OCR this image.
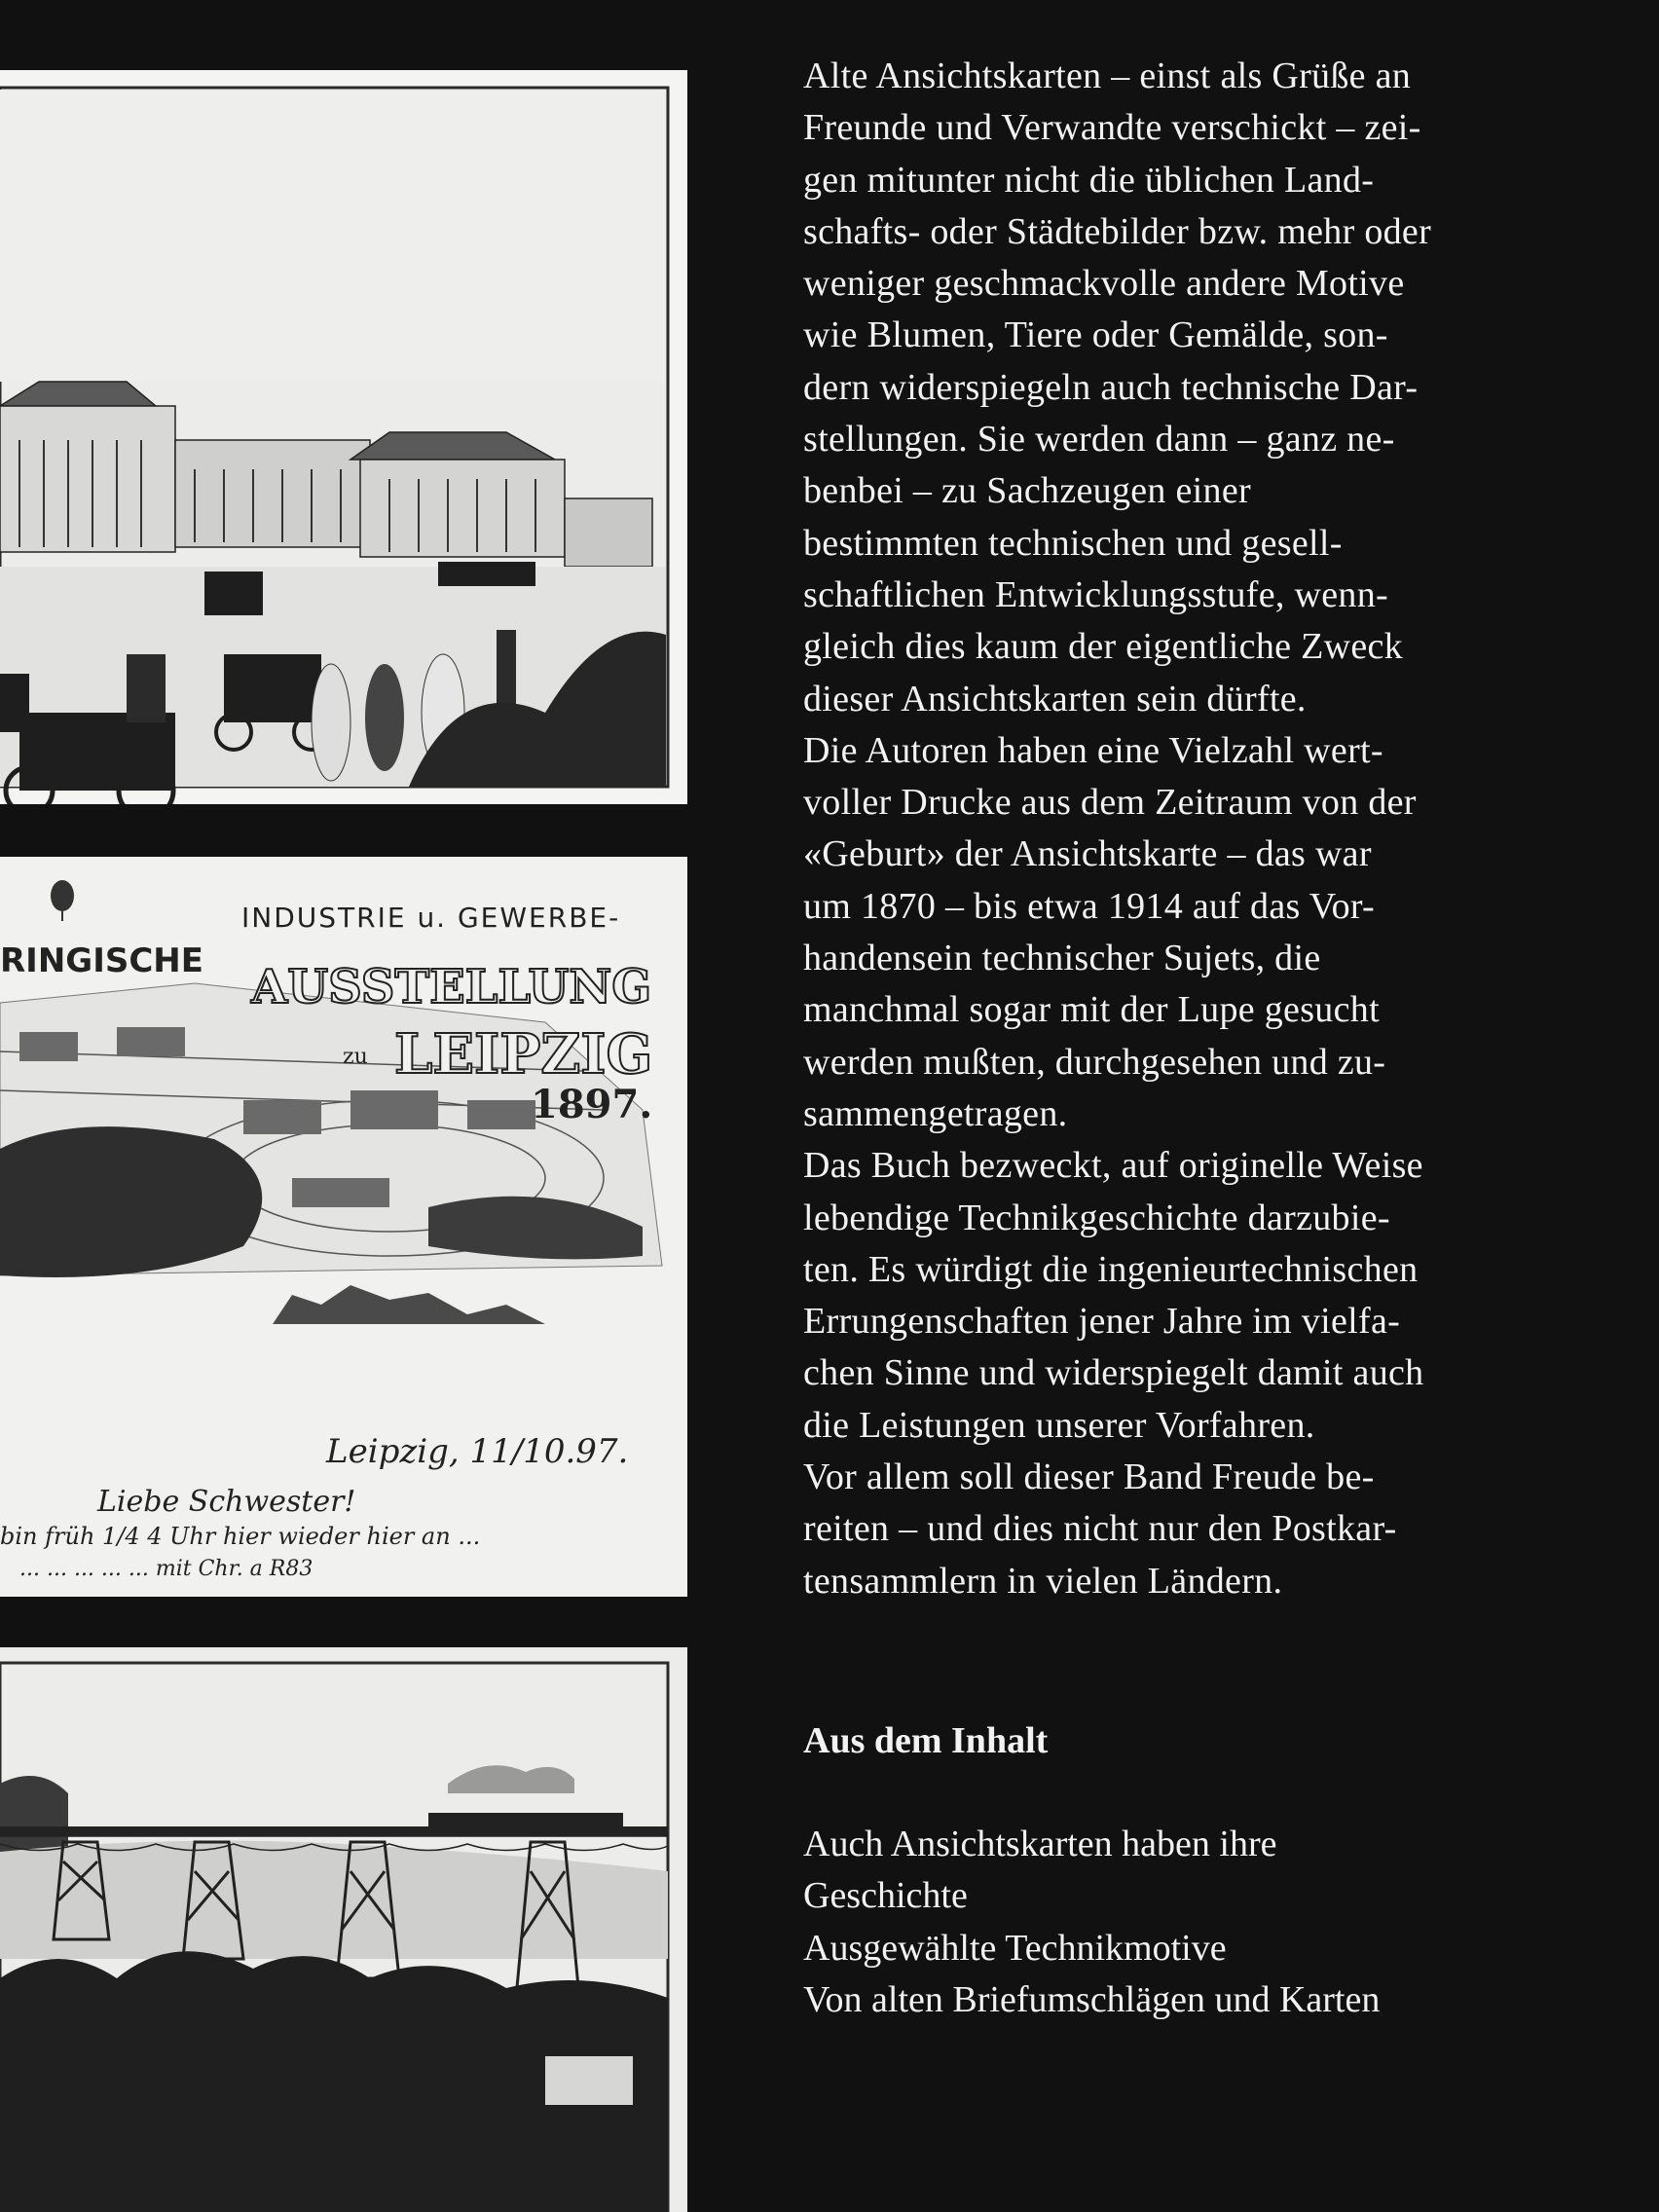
RINGISCHE
INDUSTRIE u. GEWERBE-
AUSSTELLUNG
zu LEIPZIG
1897.
Leipzig, 11/10.97.
Liebe Schwester!
bin früh 1/4 4 Uhr hier wieder hier an ...
... ... ... ... ... mit Chr. a R83
Alte Ansichtskarten – einst als Grüße an
Freunde und Verwandte verschickt – zei-
gen mitunter nicht die üblichen Land-
schafts- oder Städtebilder bzw. mehr oder
weniger geschmackvolle andere Motive
wie Blumen, Tiere oder Gemälde, son-
dern widerspiegeln auch technische Dar-
stellungen. Sie werden dann – ganz ne-
benbei – zu Sachzeugen einer
bestimmten technischen und gesell-
schaftlichen Entwicklungsstufe, wenn-
gleich dies kaum der eigentliche Zweck
dieser Ansichtskarten sein dürfte.
Die Autoren haben eine Vielzahl wert-
voller Drucke aus dem Zeitraum von der
«Geburt» der Ansichtskarte – das war
um 1870 – bis etwa 1914 auf das Vor-
handensein technischer Sujets, die
manchmal sogar mit der Lupe gesucht
werden mußten, durchgesehen und zu-
sammengetragen.
Das Buch bezweckt, auf originelle Weise
lebendige Technikgeschichte darzubie-
ten. Es würdigt die ingenieurtechnischen
Errungenschaften jener Jahre im vielfa-
chen Sinne und widerspiegelt damit auch
die Leistungen unserer Vorfahren.
Vor allem soll dieser Band Freude be-
reiten – und dies nicht nur den Postkar-
tensammlern in vielen Ländern.
Aus dem Inhalt
Auch Ansichtskarten haben ihre
Geschichte
Ausgewählte Technikmotive
Von alten Briefumschlägen und Karten
